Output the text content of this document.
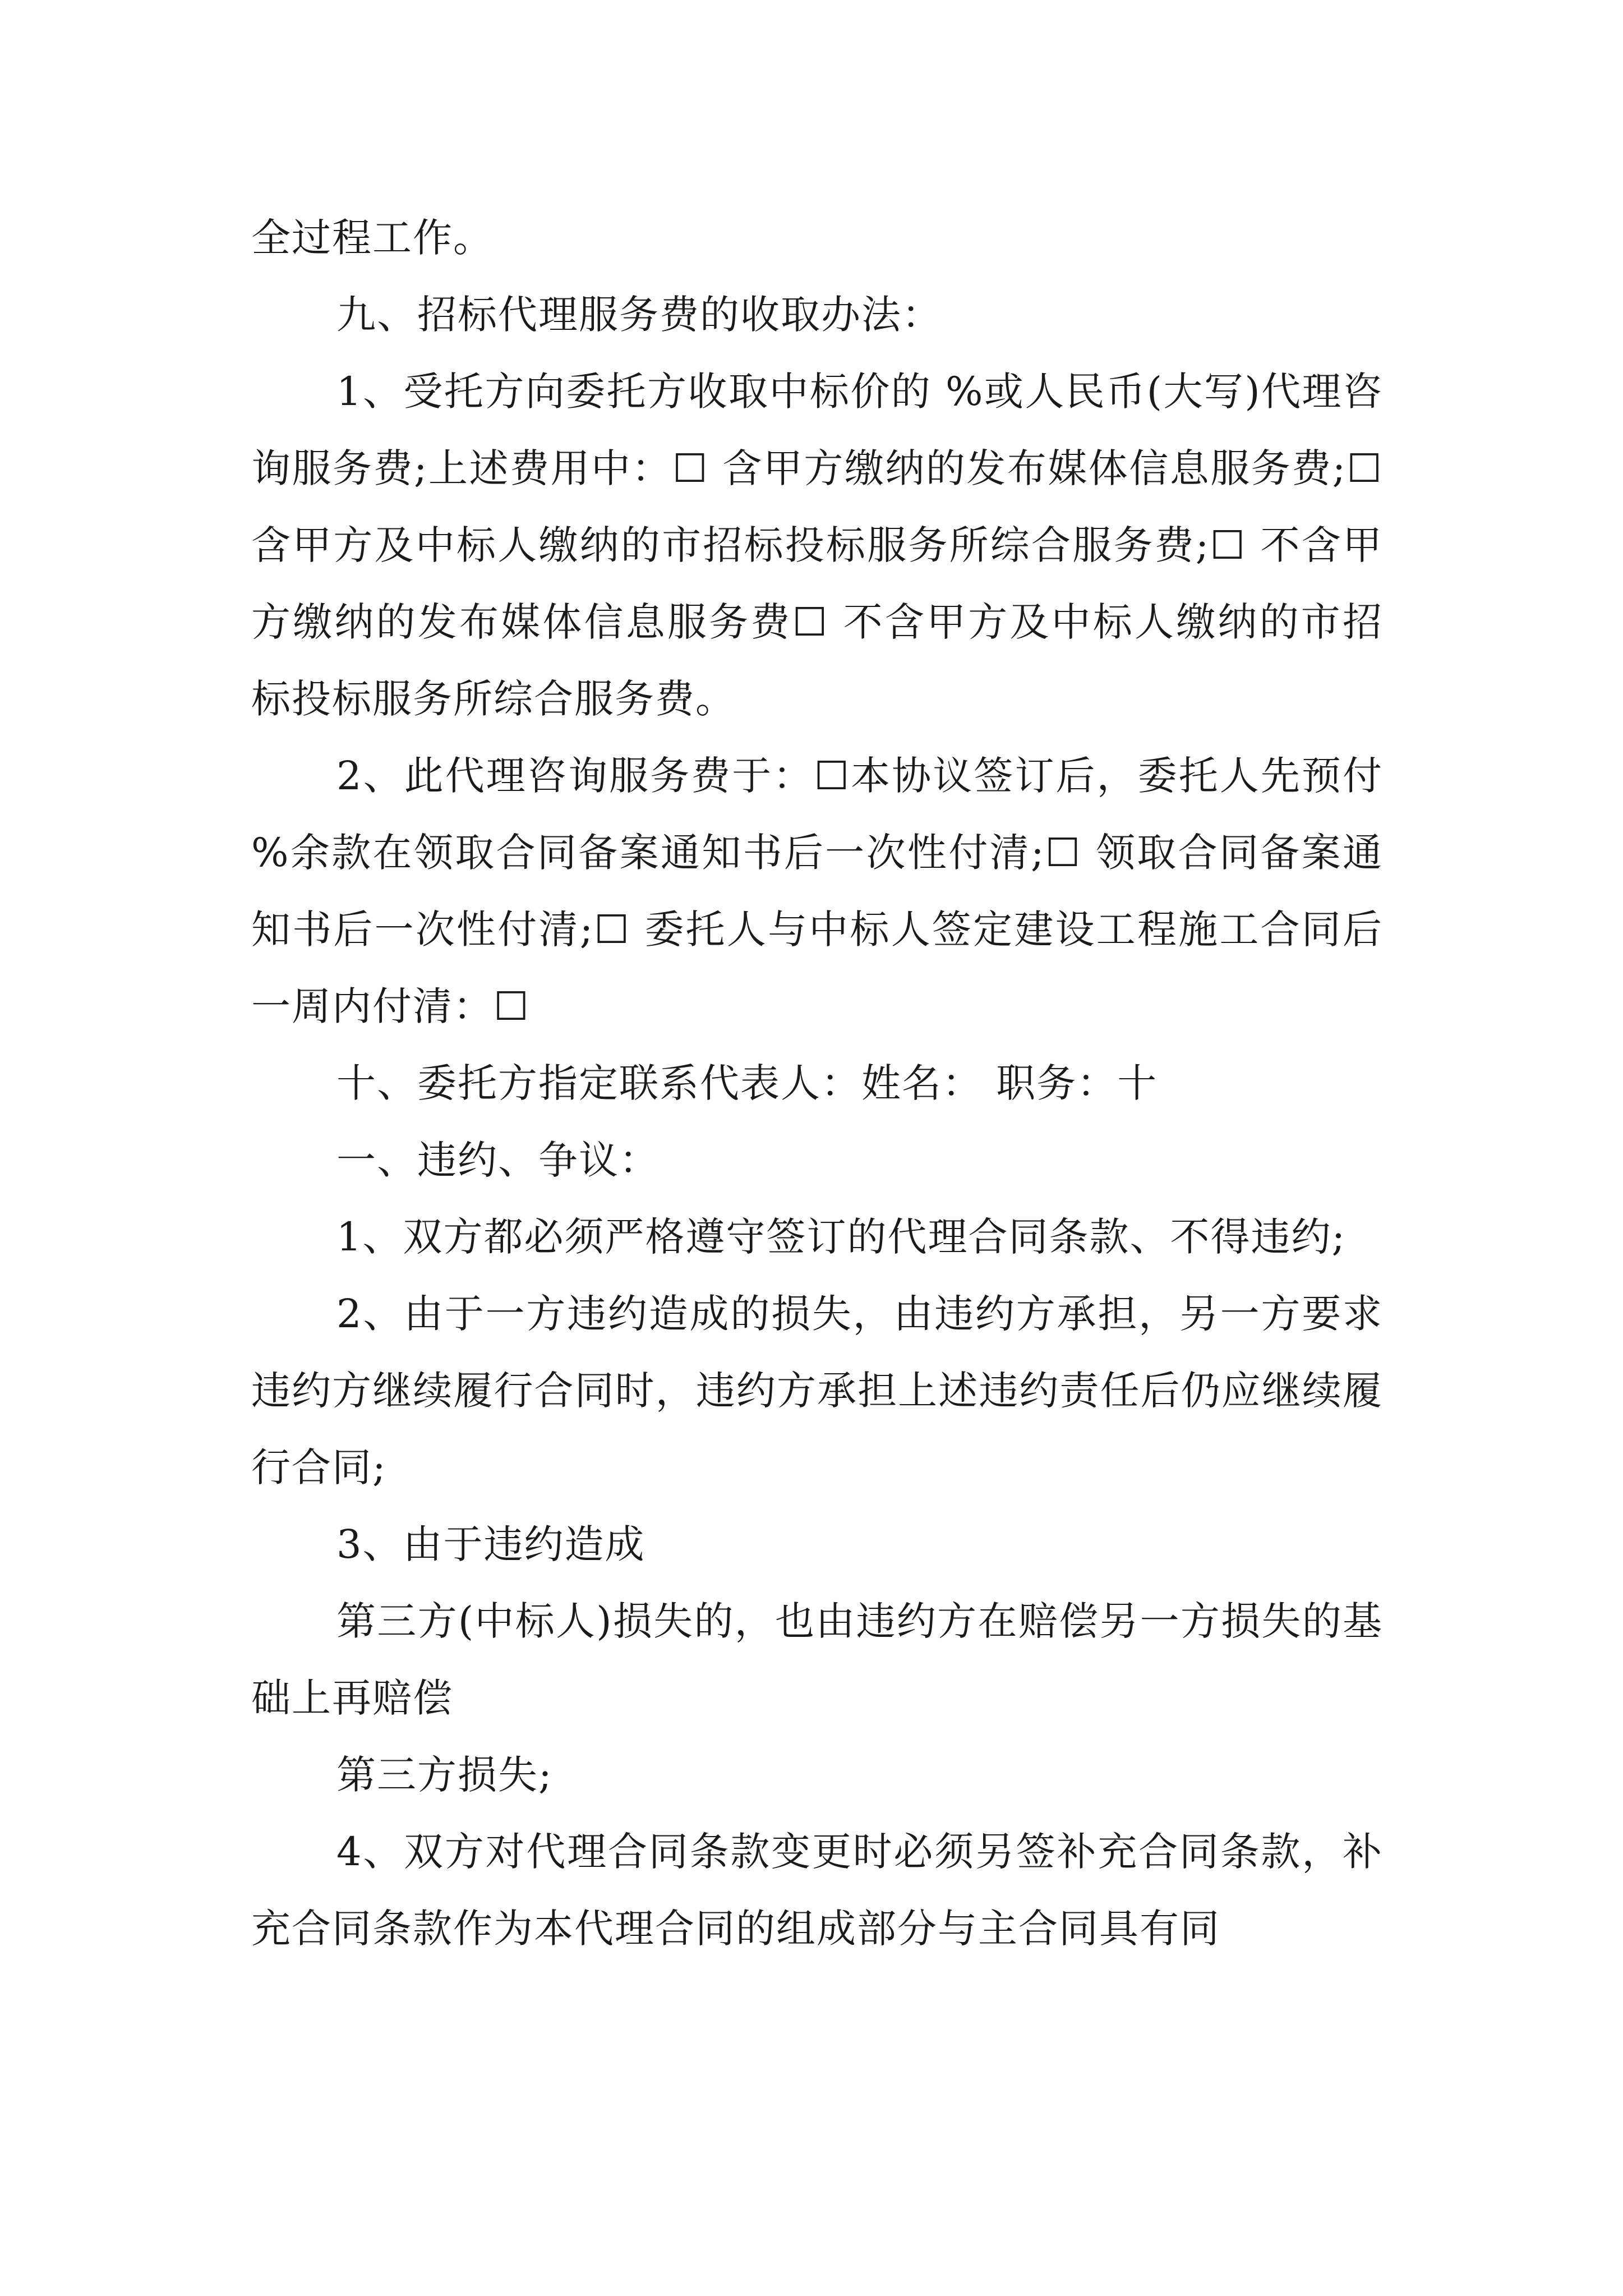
全过程工作。

九、招标代理服务费的收取办法：

1、受托方向委托方收取中标价的 %或人民币(大写)代理咨询服务费;上述费用中：☐ 含甲方缴纳的发布媒体信息服务费;☐ 含甲方及中标人缴纳的市招标投标服务所综合服务费;☐ 不含甲方缴纳的发布媒体信息服务费☐ 不含甲方及中标人缴纳的市招标投标服务所综合服务费。

2、此代理咨询服务费于：☐本协议签订后，委托人先预付 %余款在领取合同备案通知书后一次性付清;☐ 领取合同备案通知书后一次性付清;☐ 委托人与中标人签定建设工程施工合同后一周内付清：☐

十、委托方指定联系代表人：姓名： 职务：十

一、违约、争议：

1、双方都必须严格遵守签订的代理合同条款、不得违约;

2、由于一方违约造成的损失，由违约方承担，另一方要求违约方继续履行合同时，违约方承担上述违约责任后仍应继续履行合同;

3、由于违约造成

第三方(中标人)损失的，也由违约方在赔偿另一方损失的基础上再赔偿

第三方损失;

4、双方对代理合同条款变更时必须另签补充合同条款，补充合同条款作为本代理合同的组成部分与主合同具有同
